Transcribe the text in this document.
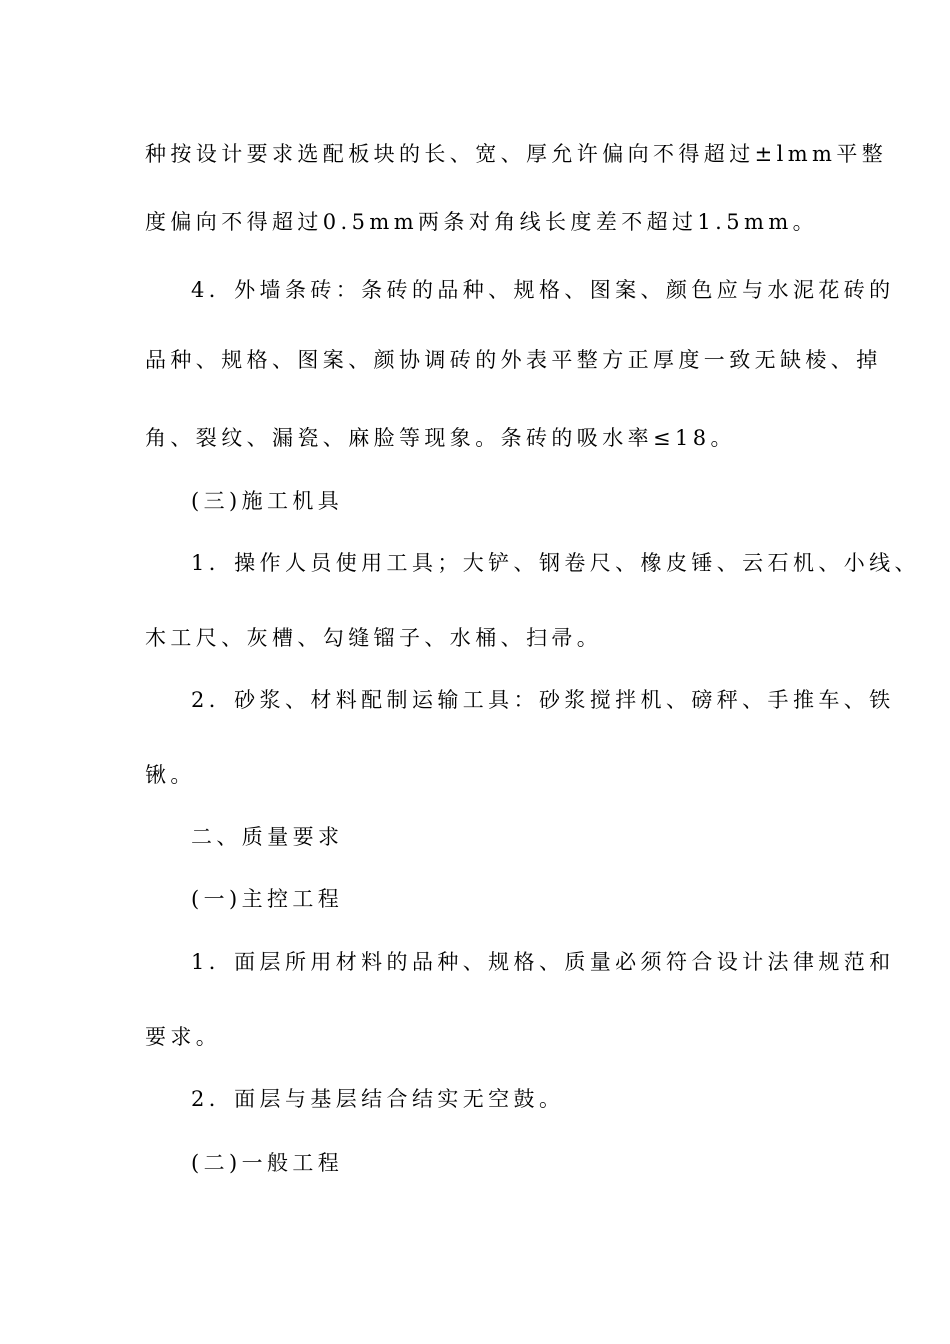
种按设计要求选配板块的长、宽、厚允许偏向不得超过±lmm平整
度偏向不得超过0.5mm两条对角线长度差不超过1.5mm。
4．外墙条砖：条砖的品种、规格、图案、颜色应与水泥花砖的
品种、规格、图案、颜协调砖的外表平整方正厚度一致无缺棱、掉
角、裂纹、漏瓷、麻脸等现象。条砖的吸水率≤18。
(三)施工机具
1．操作人员使用工具；大铲、钢卷尺、橡皮锤、云石机、小线、
木工尺、灰槽、勾缝镏子、水桶、扫帚。
2．砂浆、材料配制运输工具：砂浆搅拌机、磅秤、手推车、铁
锹。
二、质量要求
(一)主控工程
1．面层所用材料的品种、规格、质量必须符合设计法律规范和
要求。
2．面层与基层结合结实无空鼓。
(二)一般工程
